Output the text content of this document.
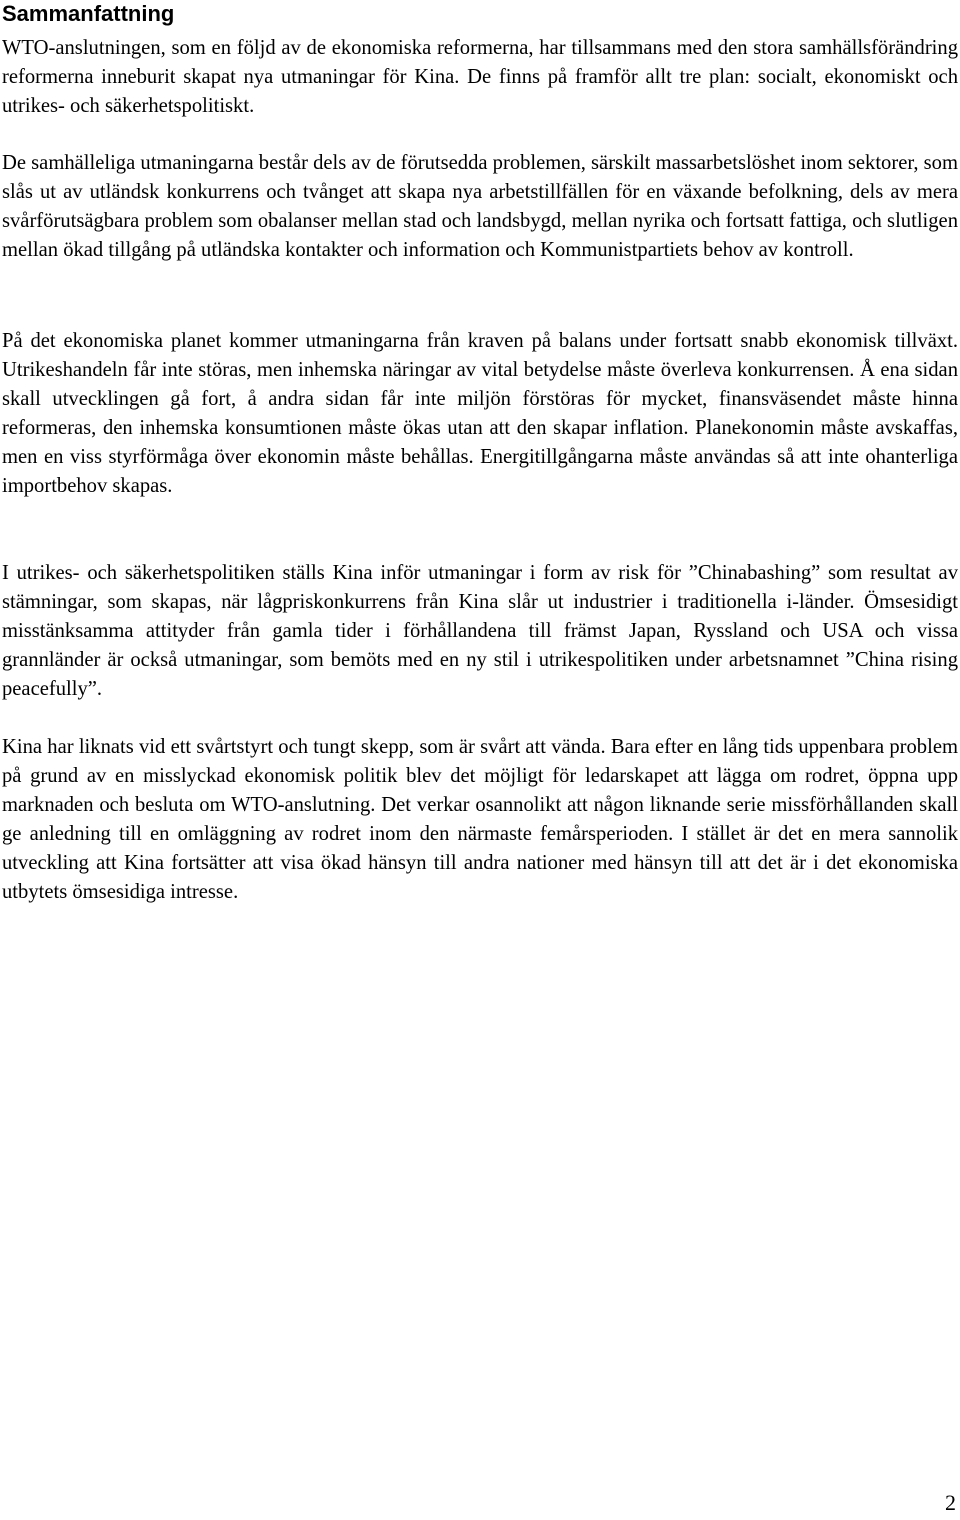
Sammanfattning

WTO-anslutningen, som en följd av de ekonomiska reformerna, har tillsammans med den stora samhällsförändring reformerna inneburit skapat nya utmaningar för Kina. De finns på framför allt tre plan: socialt, ekonomiskt och utrikes- och säkerhetspolitiskt.

De samhälleliga utmaningarna består dels av de förutsedda problemen, särskilt massarbetslöshet inom sektorer, som slås ut av utländsk konkurrens och tvånget att skapa nya arbetstillfällen för en växande befolkning, dels av mera svårförutsägbara problem som obalanser mellan stad och landsbygd, mellan nyrika och fortsatt fattiga, och slutligen mellan ökad tillgång på utländska kontakter och information och Kommunistpartiets behov av kontroll.

På det ekonomiska planet kommer utmaningarna från kraven på balans under fortsatt snabb ekonomisk tillväxt. Utrikeshandeln får inte störas, men inhemska näringar av vital betydelse måste överleva konkurrensen. Å ena sidan skall utvecklingen gå fort, å andra sidan får inte miljön förstöras för mycket, finansväsendet måste hinna reformeras, den inhemska konsumtionen måste ökas utan att den skapar inflation. Planekonomin måste avskaffas, men en viss styrförmåga över ekonomin måste behållas. Energitillgångarna måste användas så att inte ohanterliga importbehov skapas.

I utrikes- och säkerhetspolitiken ställs Kina inför utmaningar i form av risk för ”Chinabashing” som resultat av stämningar, som skapas, när lågpriskonkurrens från Kina slår ut industrier i traditionella i-länder. Ömsesidigt misstänksamma attityder från gamla tider i förhållandena till främst Japan, Ryssland och USA och vissa grannländer är också utmaningar, som bemöts med en ny stil i utrikespolitiken under arbetsnamnet ”China rising peacefully”.

Kina har liknats vid ett svårtstyrt och tungt skepp, som är svårt att vända. Bara efter en lång tids uppenbara problem på grund av en misslyckad ekonomisk politik blev det möjligt för ledarskapet att lägga om rodret, öppna upp marknaden och besluta om WTO-anslutning. Det verkar osannolikt att någon liknande serie missförhållanden skall ge anledning till en omläggning av rodret inom den närmaste femårsperioden. I stället är det en mera sannolik utveckling att Kina fortsätter att visa ökad hänsyn till andra nationer med hänsyn till att det är i det ekonomiska utbytets ömsesidiga intresse.

2
